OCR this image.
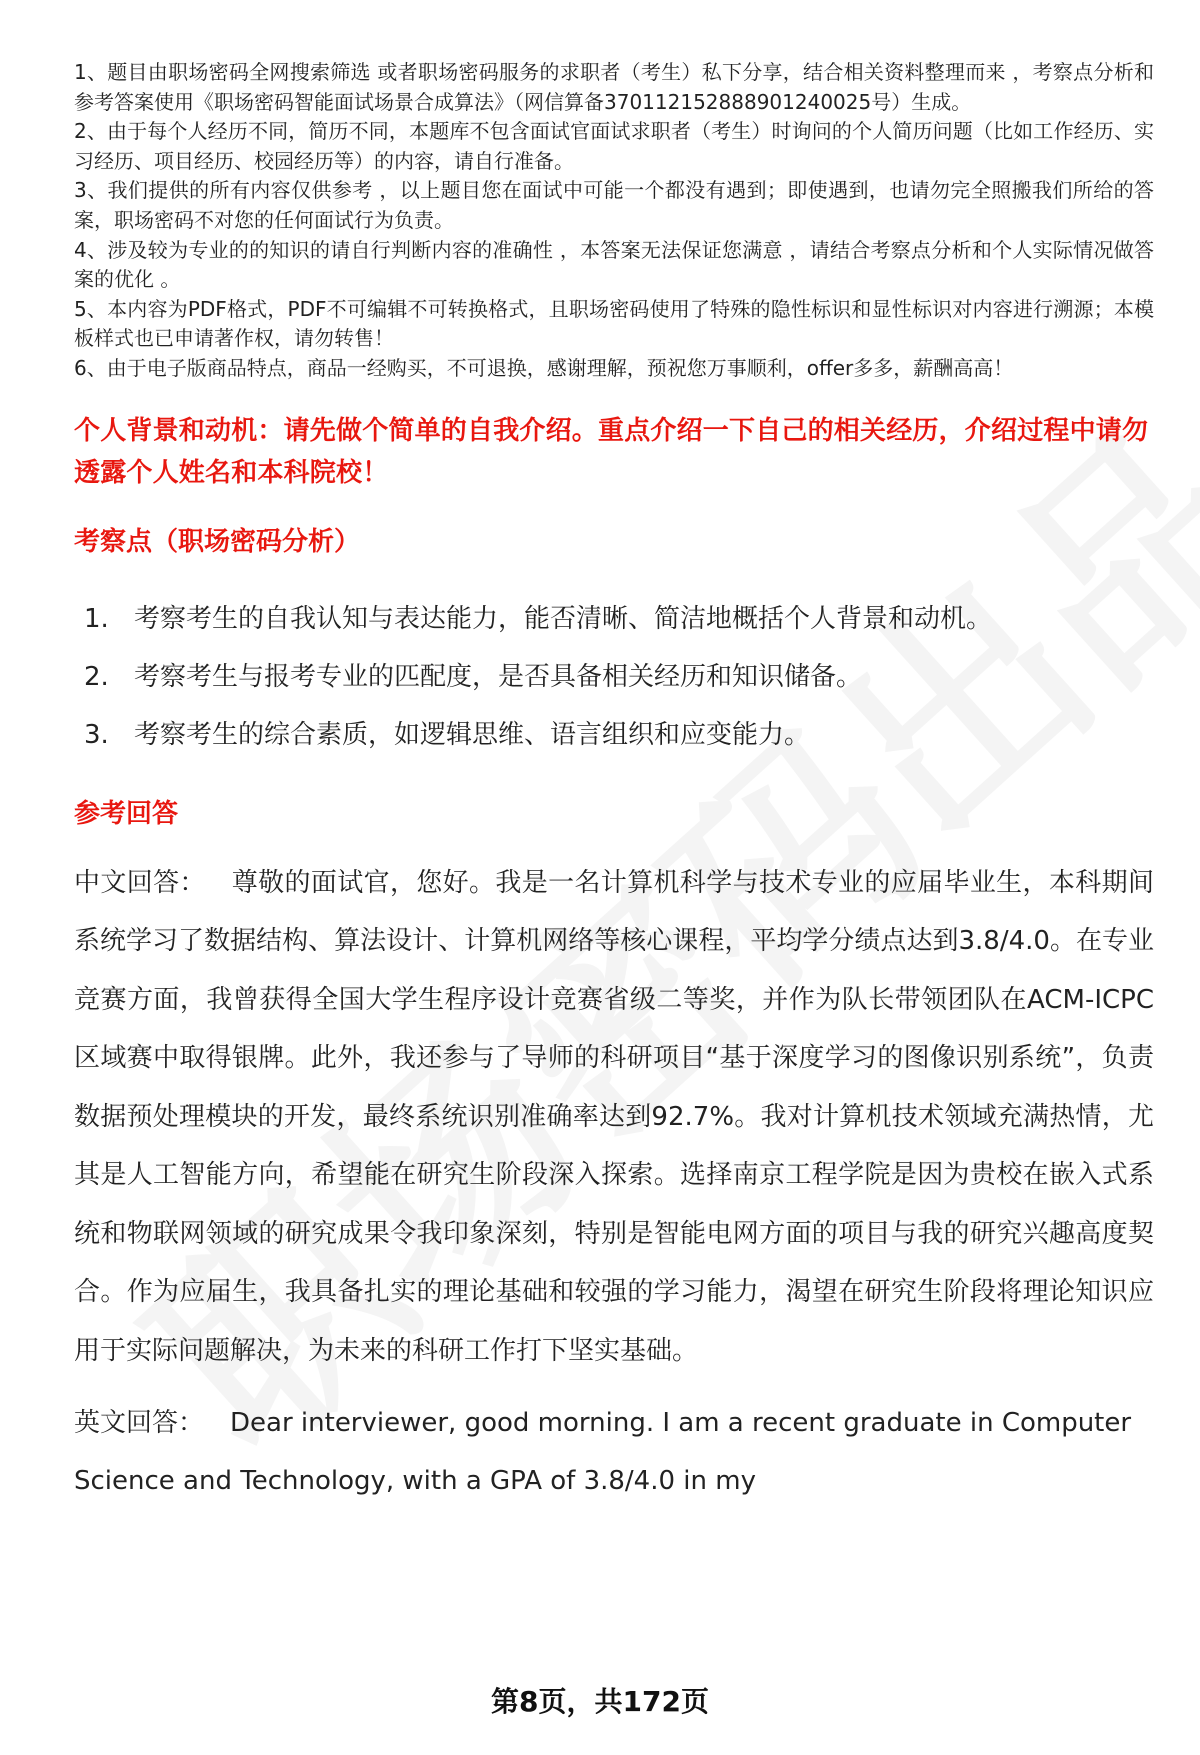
1、题目由职场密码全网搜索筛选 或者职场密码服务的求职者（考生）私下分享，结合相关资料整理而来 ，考察点分析和参考答案使用《职场密码智能面试场景合成算法》（网信算备370112152888901240025号）生成。
2、由于每个人经历不同，简历不同，本题库不包含面试官面试求职者（考生）时询问的个人简历问题（比如工作经历、实习经历、项目经历、校园经历等）的内容，请自行准备。
3、我们提供的所有内容仅供参考 ，以上题目您在面试中可能一个都没有遇到；即使遇到，也请勿完全照搬我们所给的答案，职场密码不对您的任何面试行为负责。
4、涉及较为专业的的知识的请自行判断内容的准确性 ，本答案无法保证您满意 ，请结合考察点分析和个人实际情况做答案的优化 。
5、本内容为PDF格式，PDF不可编辑不可转换格式，且职场密码使用了特殊的隐性标识和显性标识对内容进行溯源；本模板样式也已申请著作权，请勿转售！
6、由于电子版商品特点，商品一经购买，不可退换，感谢理解，预祝您万事顺利，offer多多，薪酬高高！
个人背景和动机：请先做个简单的自我介绍。重点介绍一下自己的相关经历，介绍过程中请勿透露个人姓名和本科院校！
考察点（职场密码分析）
1. 考察考生的自我认知与表达能力，能否清晰、简洁地概括个人背景和动机。
2. 考察考生与报考专业的匹配度，是否具备相关经历和知识储备。
3. 考察考生的综合素质，如逻辑思维、语言组织和应变能力。
参考回答
中文回答： 尊敬的面试官，您好。我是一名计算机科学与技术专业的应届毕业生，本科期间系统学习了数据结构、算法设计、计算机网络等核心课程，平均学分绩点达到3.8/4.0。在专业竞赛方面，我曾获得全国大学生程序设计竞赛省级二等奖，并作为队长带领团队在ACM-ICPC区域赛中取得银牌。此外，我还参与了导师的科研项目“基于深度学习的图像识别系统”，负责数据预处理模块的开发，最终系统识别准确率达到92.7%。我对计算机技术领域充满热情，尤其是人工智能方向，希望能在研究生阶段深入探索。选择南京工程学院是因为贵校在嵌入式系统和物联网领域的研究成果令我印象深刻，特别是智能电网方面的项目与我的研究兴趣高度契合。作为应届生，我具备扎实的理论基础和较强的学习能力，渴望在研究生阶段将理论知识应用于实际问题解决，为未来的科研工作打下坚实基础。
英文回答： Dear interviewer, good morning. I am a recent graduate in Computer Science and Technology, with a GPA of 3.8/4.0 in my
第8页，共172页
